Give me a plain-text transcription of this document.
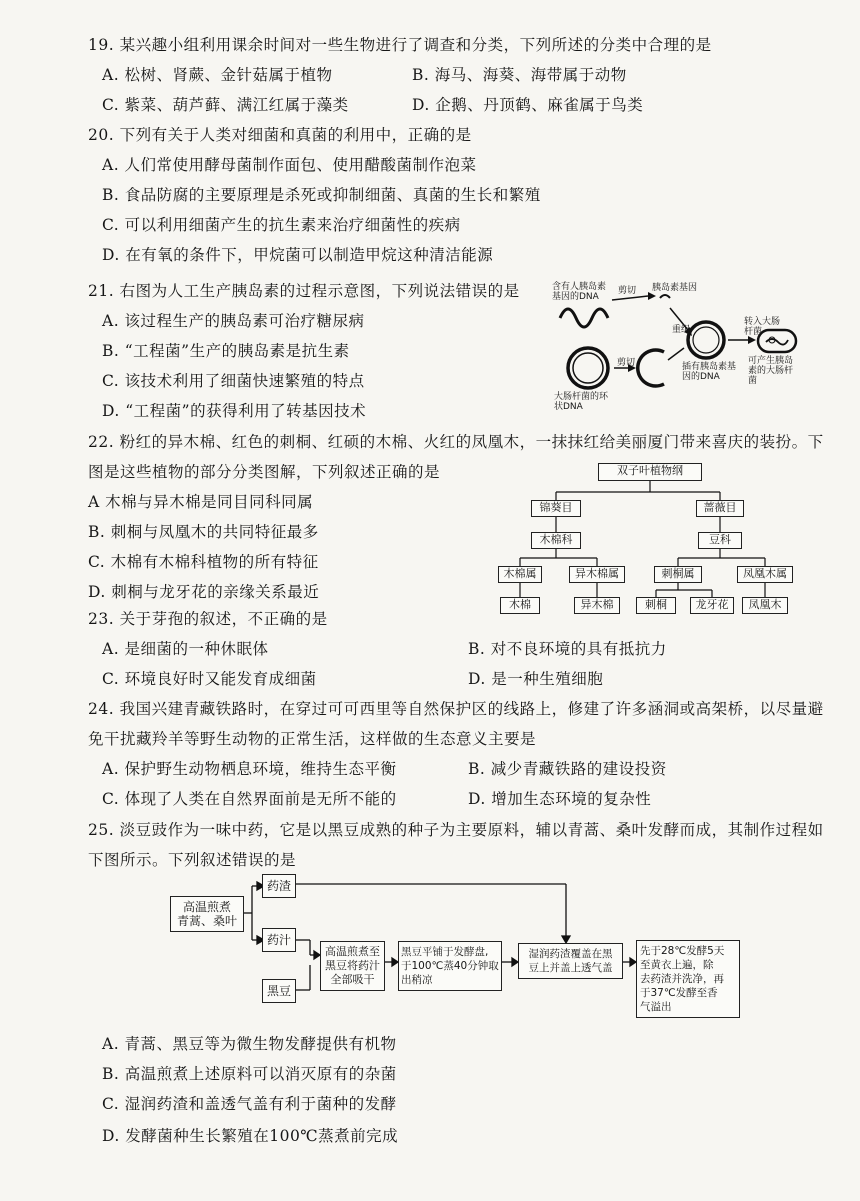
19. 某兴趣小组利用课余时间对一些生物进行了调查和分类，下列所述的分类中合理的是
A. 松树、肾蕨、金针菇属于植物	B. 海马、海葵、海带属于动物
C. 紫菜、葫芦藓、满江红属于藻类	D. 企鹅、丹顶鹤、麻雀属于鸟类
20. 下列有关于人类对细菌和真菌的利用中，正确的是
A. 人们常使用酵母菌制作面包、使用醋酸菌制作泡菜
B. 食品防腐的主要原理是杀死或抑制细菌、真菌的生长和繁殖
C. 可以利用细菌产生的抗生素来治疗细菌性的疾病
D. 在有氧的条件下，甲烷菌可以制造甲烷这种清洁能源
21. 右图为人工生产胰岛素的过程示意图，下列说法错误的是
A. 该过程生产的胰岛素可治疗糖尿病
B. “工程菌”生产的胰岛素是抗生素
C. 该技术利用了细菌快速繁殖的特点
D. “工程菌”的获得利用了转基因技术
含有人胰岛素基因的DNA
剪切 胰岛素基因
重组
转入大肠杆菌
大肠杆菌的环状DNA
剪切	插有胰岛素基因的DNA
可产生胰岛素的大肠杆菌
22. 粉红的异木棉、红色的刺桐、红硕的木棉、火红的凤凰木，一抹抹红给美丽厦门带来喜庆的装扮。下
图是这些植物的部分分类图解，下列叙述正确的是
A 木棉与异木棉是同目同科同属
B. 刺桐与凤凰木的共同特征最多
C. 木棉有木棉科植物的所有特征
D. 刺桐与龙牙花的亲缘关系最近
双子叶植物纲
锦葵目	蔷薇目
木棉科	豆科
木棉属	异木棉属	刺桐属	凤凰木属
木棉	异木棉	刺桐	龙牙花	凤凰木
23. 关于芽孢的叙述，不正确的是
A. 是细菌的一种休眠体	B. 对不良环境的具有抵抗力
C. 环境良好时又能发育成细菌	D. 是一种生殖细胞
24. 我国兴建青藏铁路时，在穿过可可西里等自然保护区的线路上，修建了许多涵洞或高架桥，以尽量避
免干扰藏羚羊等野生动物的正常生活，这样做的生态意义主要是
A. 保护野生动物栖息环境，维持生态平衡	B. 减少青藏铁路的建设投资
C. 体现了人类在自然界面前是无所不能的	D. 增加生态环境的复杂性
25. 淡豆豉作为一味中药，它是以黑豆成熟的种子为主要原料，辅以青蒿、桑叶发酵而成，其制作过程如
下图所示。下列叙述错误的是
高温煎煮
青蒿、桑叶
药渣
药汁
黑豆
高温煎煮至
黑豆将药汁
全部吸干
黑豆平铺于发酵盘,
于100℃蒸40分钟取
出稍凉
湿润药渣覆盖在黑
豆上并盖上透气盖
先于28℃发酵5天
至黄衣上遍，除
去药渣并洗净，再
于37℃发酵至香
气溢出
A. 青蒿、黑豆等为微生物发酵提供有机物
B. 高温煎煮上述原料可以消灭原有的杂菌
C. 湿润药渣和盖透气盖有利于菌种的发酵
D. 发酵菌种生长繁殖在100℃蒸煮前完成
